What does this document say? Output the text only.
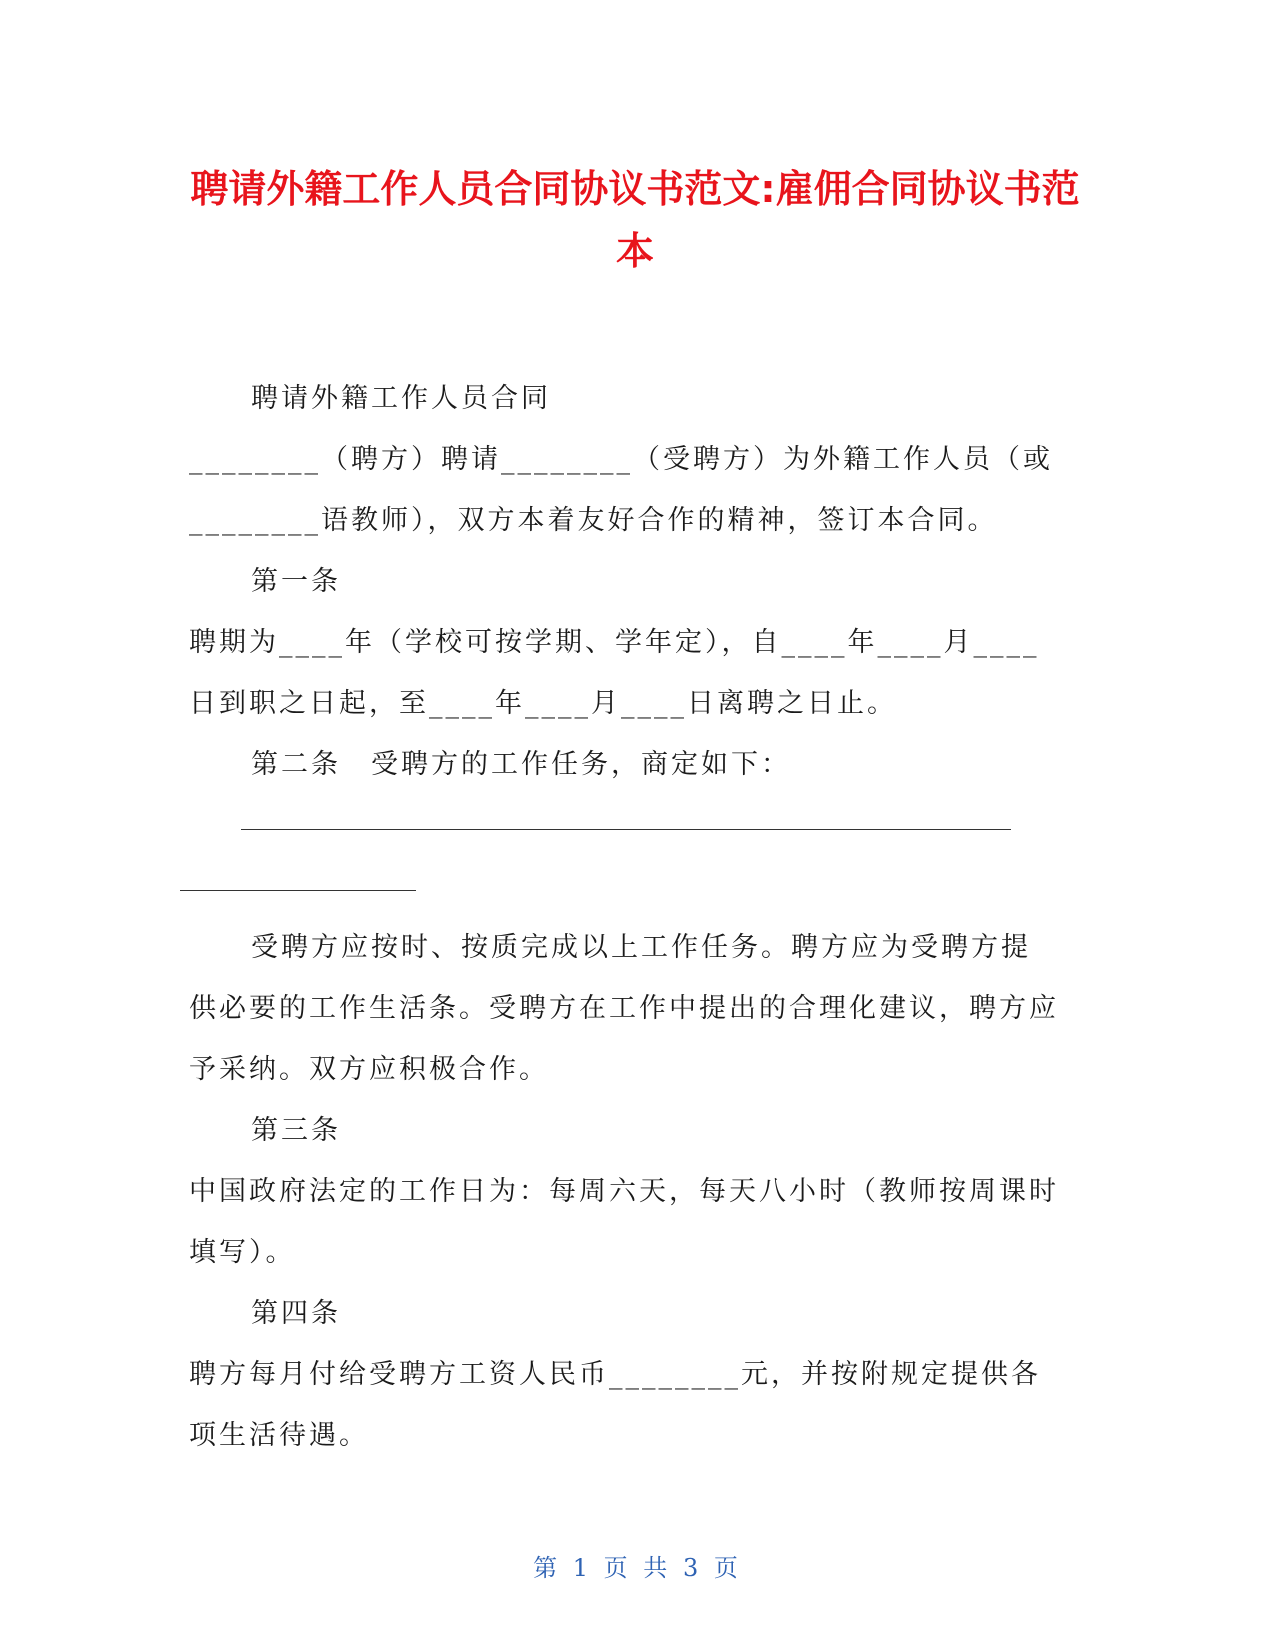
聘请外籍工作人员合同协议书范文:雇佣合同协议书范本

聘请外籍工作人员合同

________（聘方）聘请________（受聘方）为外籍工作人员（或________语教师），双方本着友好合作的精神，签订本合同。

第一条

聘期为____年（学校可按学期、学年定），自____年____月____日到职之日起，至____年____月____日离聘之日止。

第二条　受聘方的工作任务，商定如下：

受聘方应按时、按质完成以上工作任务。聘方应为受聘方提供必要的工作生活条。受聘方在工作中提出的合理化建议，聘方应予采纳。双方应积极合作。

第三条

中国政府法定的工作日为：每周六天，每天八小时（教师按周课时填写）。

第四条

聘方每月付给受聘方工资人民币________元，并按附规定提供各项生活待遇。

第 1 页 共 3 页
